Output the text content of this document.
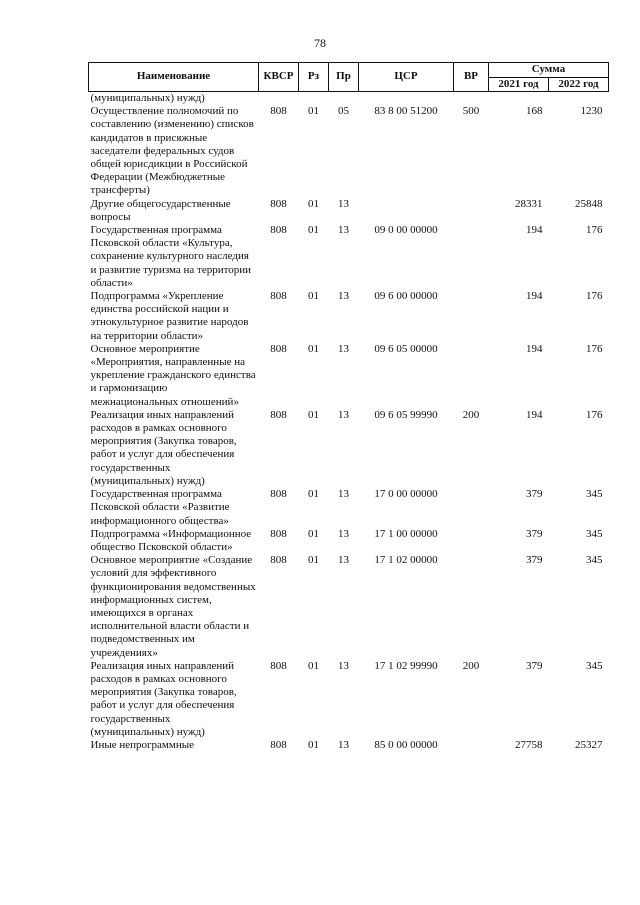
78
Наименование	КВСР	Рз	Пр	ЦСР	ВР	Сумма	
						2021 год	2022 год
(муниципальных) нужд)							
Осуществление полномочий по составлению (изменению) списков кандидатов в присяжные заседатели федеральных судов общей юрисдикции в Российской Федерации (Межбюджетные трансферты)	808	01	05	83 8 00 51200	500	168	1230
Другие общегосударственные вопросы	808	01	13			28331	25848
Государственная программа Псковской области «Культура, сохранение культурного наследия и развитие туризма на территории области»	808	01	13	09 0 00 00000		194	176
Подпрограмма «Укрепление единства российской нации и этнокультурное развитие народов на территории области»	808	01	13	09 6 00 00000		194	176
Основное мероприятие «Мероприятия, направленные на укрепление гражданского единства и гармонизацию межнациональных отношений»	808	01	13	09 6 05 00000		194	176
Реализация иных направлений расходов в рамках основного мероприятия (Закупка товаров, работ и услуг для обеспечения государственных (муниципальных) нужд)	808	01	13	09 6 05 99990	200	194	176
Государственная программа Псковской области «Развитие информационного общества»	808	01	13	17 0 00 00000		379	345
Подпрограмма «Информационное общество Псковской области»	808	01	13	17 1 00 00000		379	345
Основное мероприятие «Создание условий для эффективного функционирования ведомственных информационных систем, имеющихся в органах исполнительной власти области и подведомственных им учреждениях»	808	01	13	17 1 02 00000		379	345
Реализация иных направлений расходов в рамках основного мероприятия (Закупка товаров, работ и услуг для обеспечения государственных (муниципальных) нужд)	808	01	13	17 1 02 99990	200	379	345
Иные непрограммные	808	01	13	85 0 00 00000		27758	25327
